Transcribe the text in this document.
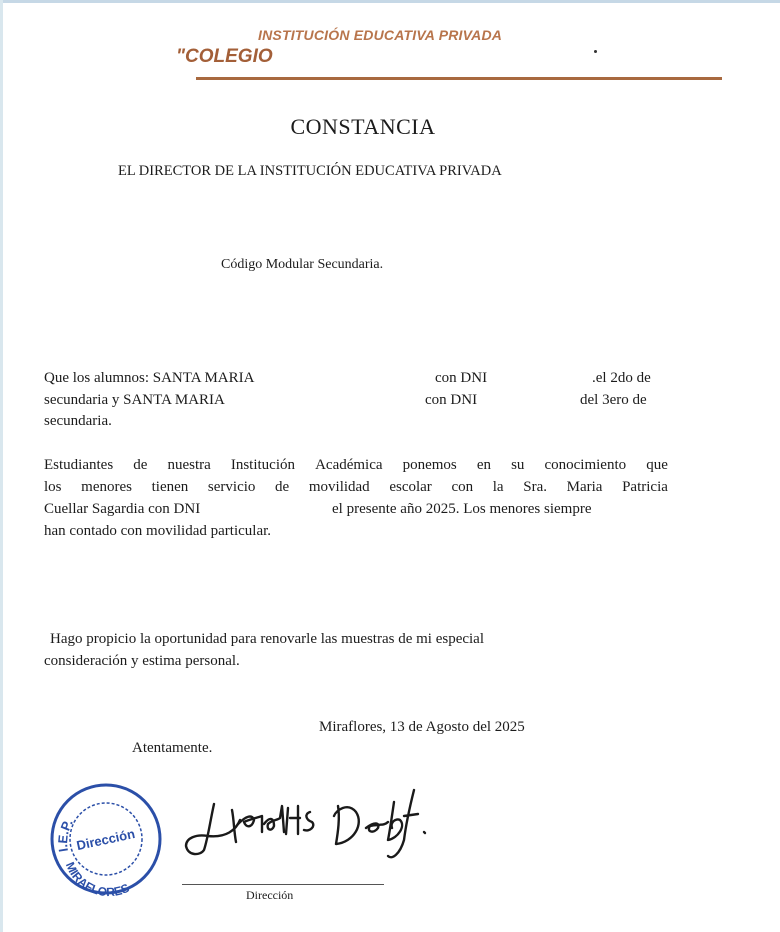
INSTITUCIÓN EDUCATIVA PRIVADA
"COLEGIO
CONSTANCIA
EL DIRECTOR DE LA INSTITUCIÓN EDUCATIVA PRIVADA
Código Modular Secundaria.
Que los alumnos: SANTA MARIA	con DNI	.el 2do de
secundaria y SANTA MARIA	con DNI	del 3ero de
secundaria.
Estudiantes de nuestra Institución Académica ponemos en su conocimiento que
los menores tienen servicio de movilidad escolar con la Sra. Maria Patricia
Cuellar Sagardia con DNI	el presente año 2025. Los menores siempre
han contado con movilidad particular.
Hago propicio la oportunidad para renovarle las muestras de mi especial
consideración y estima personal.
Miraflores, 13 de Agosto del 2025
Atentamente.
I.E.P.
Dirección
MIRAFLORES	Dirección
